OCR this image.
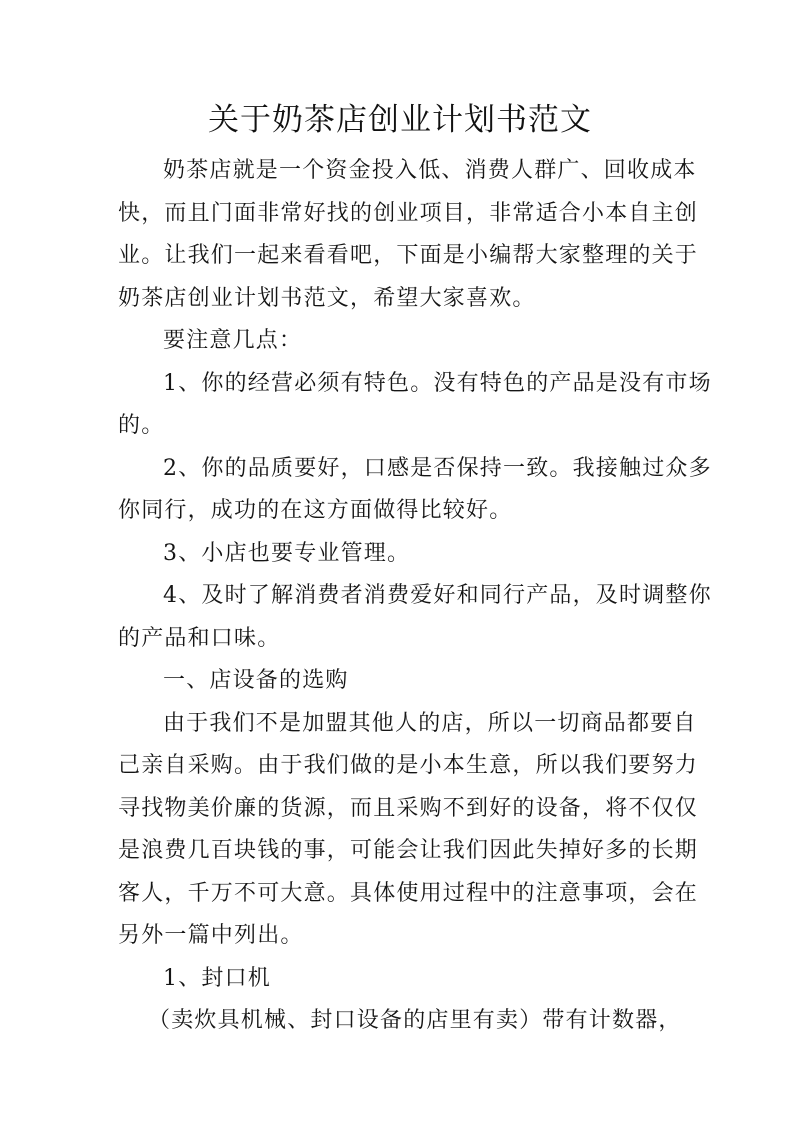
关于奶茶店创业计划书范文
奶茶店就是一个资金投入低、消费人群广、回收成本
快，而且门面非常好找的创业项目，非常适合小本自主创
业。让我们一起来看看吧，下面是小编帮大家整理的关于
奶茶店创业计划书范文，希望大家喜欢。
要注意几点：
1、你的经营必须有特色。没有特色的产品是没有市场
的。
2、你的品质要好，口感是否保持一致。我接触过众多
你同行，成功的在这方面做得比较好。
3、小店也要专业管理。
4、及时了解消费者消费爱好和同行产品，及时调整你
的产品和口味。
一、店设备的选购
由于我们不是加盟其他人的店，所以一切商品都要自
己亲自采购。由于我们做的是小本生意，所以我们要努力
寻找物美价廉的货源，而且采购不到好的设备，将不仅仅
是浪费几百块钱的事，可能会让我们因此失掉好多的长期
客人，千万不可大意。具体使用过程中的注意事项，会在
另外一篇中列出。
1、封口机
（卖炊具机械、封口设备的店里有卖）带有计数器，
